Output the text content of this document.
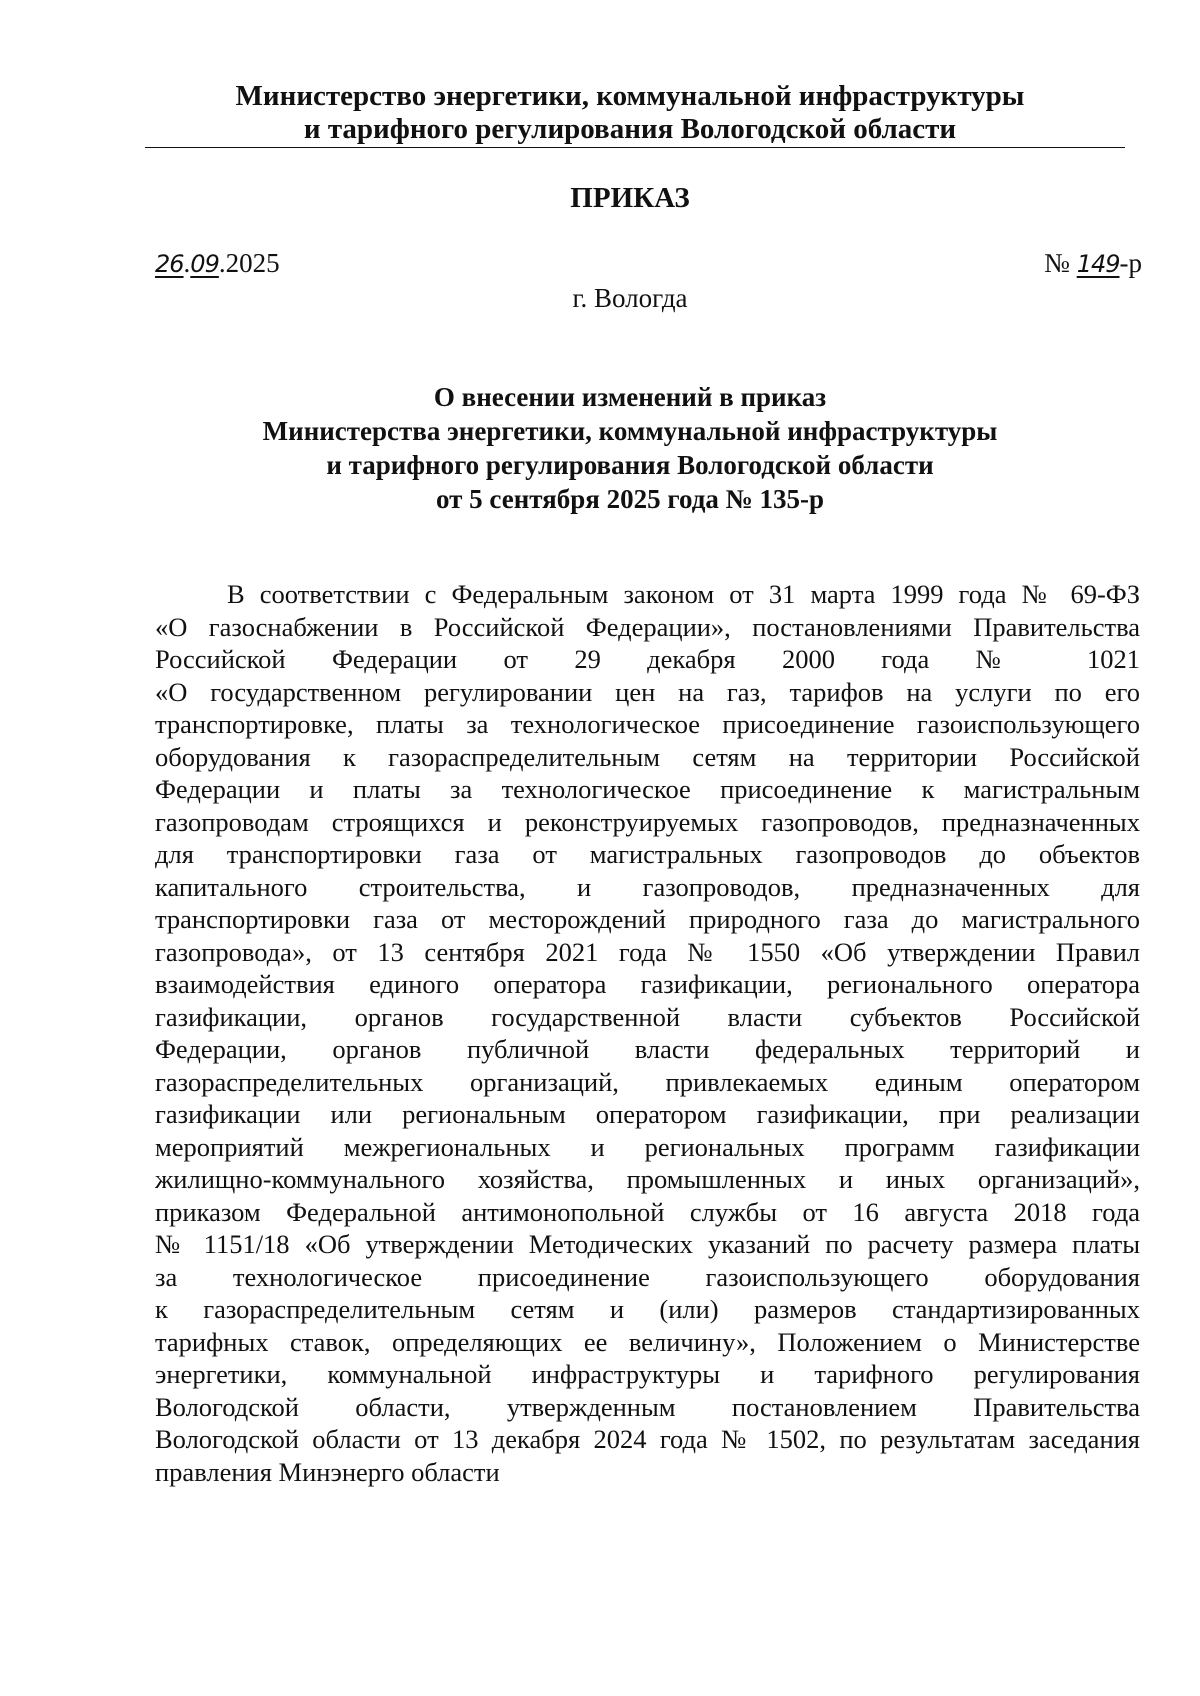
Министерство энергетики, коммунальной инфраструктуры
и тарифного регулирования Вологодской области
ПРИКАЗ
26.09.2025	№ 149-р
г. Вологда
О внесении изменений в приказ
Министерства энергетики, коммунальной инфраструктуры
и тарифного регулирования Вологодской области
от 5 сентября 2025 года № 135-р
В соответствии с Федеральным законом от 31 марта 1999 года № 69-ФЗ
«О газоснабжении в Российской Федерации», постановлениями Правительства
Российской Федерации от 29 декабря 2000 года № 1021
«О государственном регулировании цен на газ, тарифов на услуги по его
транспортировке, платы за технологическое присоединение газоиспользующего
оборудования к газораспределительным сетям на территории Российской
Федерации и платы за технологическое присоединение к магистральным
газопроводам строящихся и реконструируемых газопроводов, предназначенных
для транспортировки газа от магистральных газопроводов до объектов
капитального строительства, и газопроводов, предназначенных для
транспортировки газа от месторождений природного газа до магистрального
газопровода», от 13 сентября 2021 года № 1550 «Об утверждении Правил
взаимодействия единого оператора газификации, регионального оператора
газификации, органов государственной власти субъектов Российской
Федерации, органов публичной власти федеральных территорий и
газораспределительных организаций, привлекаемых единым оператором
газификации или региональным оператором газификации, при реализации
мероприятий межрегиональных и региональных программ газификации
жилищно-коммунального хозяйства, промышленных и иных организаций»,
приказом Федеральной антимонопольной службы от 16 августа 2018 года
№ 1151/18 «Об утверждении Методических указаний по расчету размера платы
за технологическое присоединение газоиспользующего оборудования
к газораспределительным сетям и (или) размеров стандартизированных
тарифных ставок, определяющих ее величину», Положением о Министерстве
энергетики, коммунальной инфраструктуры и тарифного регулирования
Вологодской области, утвержденным постановлением Правительства
Вологодской области от 13 декабря 2024 года № 1502, по результатам заседания
правления Минэнерго области
